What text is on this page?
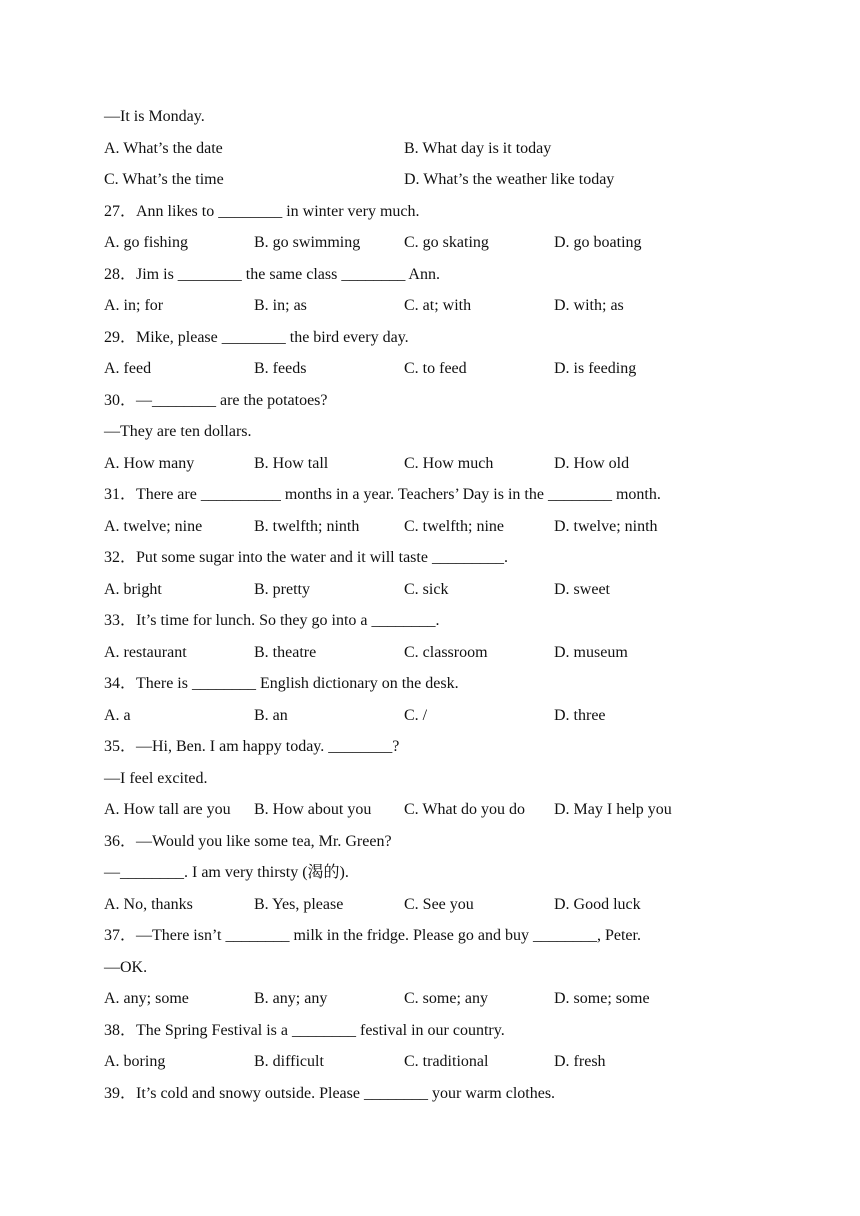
—It is Monday.
A. What’s the date	B. What day is it today
C. What’s the time	D. What’s the weather like today
27．Ann likes to ________ in winter very much.
A. go fishing	B. go swimming	C. go skating	D. go boating
28．Jim is ________ the same class ________ Ann.
A. in; for	B. in; as	C. at; with	D. with; as
29．Mike, please ________ the bird every day.
A. feed	B. feeds	C. to feed	D. is feeding
30．—________ are the potatoes?
—They are ten dollars.
A. How many	B. How tall	C. How much	D. How old
31．There are __________ months in a year. Teachers’ Day is in the ________ month.
A. twelve; nine	B. twelfth; ninth	C. twelfth; nine	D. twelve; ninth
32．Put some sugar into the water and it will taste _________.
A. bright	B. pretty	C. sick	D. sweet
33．It’s time for lunch. So they go into a ________.
A. restaurant	B. theatre	C. classroom	D. museum
34．There is ________ English dictionary on the desk.
A. a	B. an	C. /	D. three
35．—Hi, Ben. I am happy today. ________?
—I feel excited.
A. How tall are you B. How about you C. What do you do D. May I help you
36．—Would you like some tea, Mr. Green?
—________. I am very thirsty (渴的).
A. No, thanks	B. Yes, please	C. See you	D. Good luck
37．—There isn’t ________ milk in the fridge. Please go and buy ________, Peter.
—OK.
A. any; some	B. any; any	C. some; any	D. some; some
38．The Spring Festival is a ________ festival in our country.
A. boring	B. difficult	C. traditional	D. fresh
39．It’s cold and snowy outside. Please ________ your warm clothes.
